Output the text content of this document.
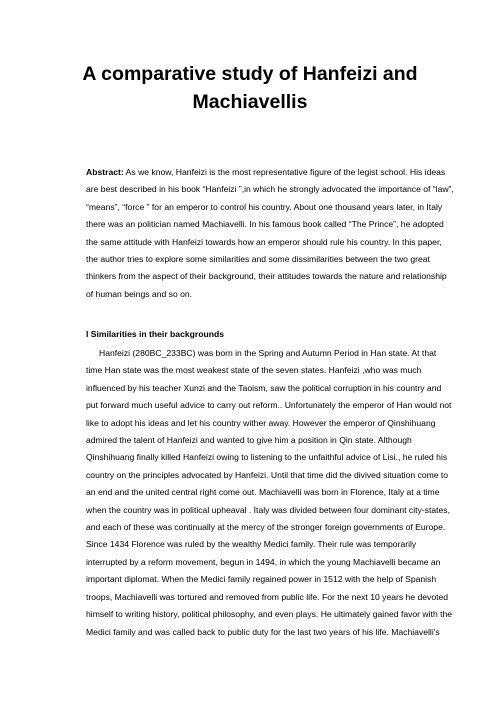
A comparative study of Hanfeizi and Machiavellis
Abstract: As we know, Hanfeizi is the most representative figure of the legist school. His ideas are best described in his book “Hanfeizi ”,in which he strongly advocated the importance of “law”, “means”, “force ” for an emperor to control his country. About one thousand years later, in Italy there was an politician named Machiavelli. In his famous book called “The Prince”, he adopted the same attitude with Hanfeizi towards how an emperor should rule his country. In this paper, the author tries to explore some similarities and some dissimilarities between the two great thinkers from the aspect of their background, their attitudes towards the nature and relationship of human beings and so on.
I Similarities in their backgrounds
Hanfeizi (280BC_233BC) was born in the Spring and Autumn Period in Han state. At that time Han state was the most weakest state of the seven states. Hanfeizi ,who was much influenced by his teacher Xunzi and the Taoism, saw the political corruption in his country and put forward much useful advice to carry out reform.. Unfortunately the emperor of Han would not like to adopt his ideas and let his country wither away. However the emperor of Qinshihuang admired the talent of Hanfeizi and wanted to give him a position in Qin state. Although Qinshihuang finally killed Hanfeizi owing to listening to the unfaithful advice of Lisi., he ruled his country on the principles advocated by Hanfeizi. Until that time did the divived situation come to an end and the united central right come out. Machiavelli was born in Florence, Italy at a time when the country was in political upheaval . Italy was divided between four dominant city-states, and each of these was continually at the mercy of the stronger foreign governments of Europe. Since 1434 Florence was ruled by the wealthy Medici family. Their rule was temporarily interrupted by a reform movement, begun in 1494, in which the young Machiavelli became an important diplomat. When the Medici family regained power in 1512 with the help of Spanish troops, Machiavelli was tortured and removed from public life. For the next 10 years he devoted himself to writing history, political philosophy, and even plays. He ultimately gained favor with the Medici family and was called back to public duty for the last two years of his life. Machiavelli's
